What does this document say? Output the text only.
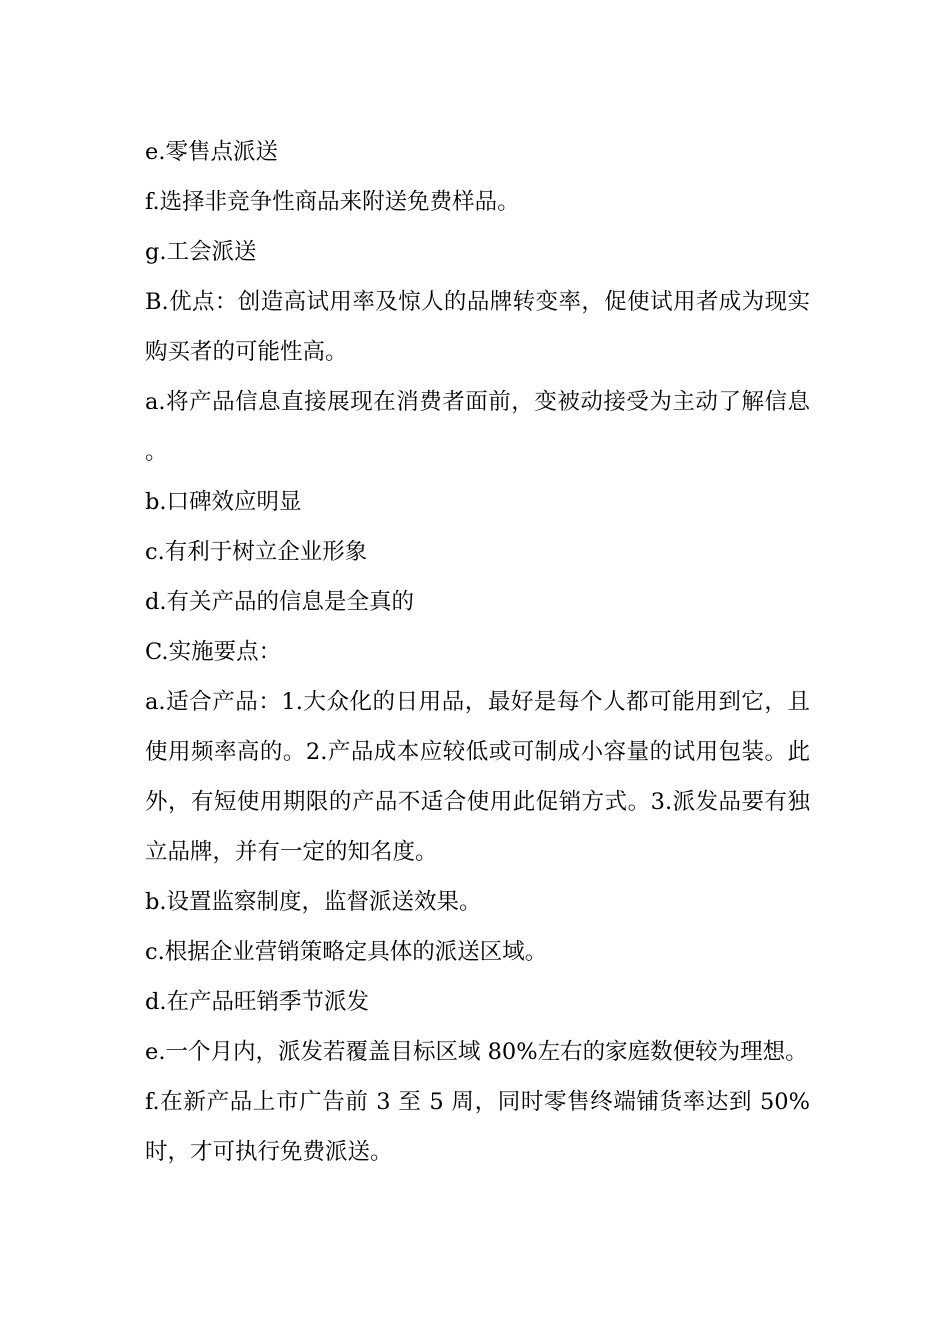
e.零售点派送

f.选择非竞争性商品来附送免费样品。

g.工会派送

B.优点：创造高试用率及惊人的品牌转变率，促使试用者成为现实购买者的可能性高。

a.将产品信息直接展现在消费者面前，变被动接受为主动了解信息。

b.口碑效应明显

c.有利于树立企业形象

d.有关产品的信息是全真的

C.实施要点：

a.适合产品：1.大众化的日用品，最好是每个人都可能用到它，且使用频率高的。2.产品成本应较低或可制成小容量的试用包装。此外，有短使用期限的产品不适合使用此促销方式。3.派发品要有独立品牌，并有一定的知名度。

b.设置监察制度，监督派送效果。

c.根据企业营销策略定具体的派送区域。

d.在产品旺销季节派发

e.一个月内，派发若覆盖目标区域 80%左右的家庭数便较为理想。

f.在新产品上市广告前 3 至 5 周，同时零售终端铺货率达到 50%时，才可执行免费派送。
